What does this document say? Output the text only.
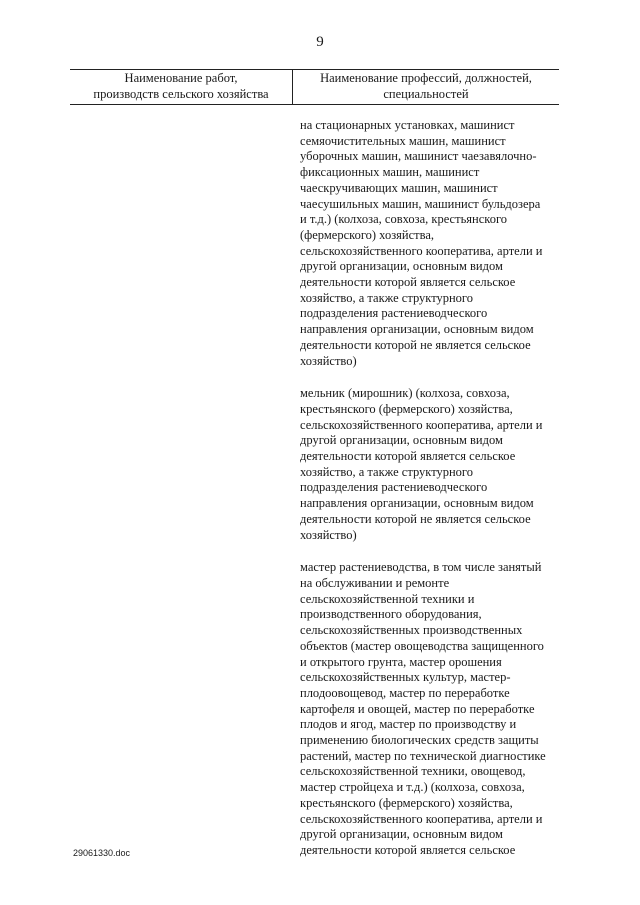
9
Наименование работ,
производств сельского хозяйства
Наименование профессий, должностей,
специальностей
на стационарных установках, машинист
семяочистительных машин, машинист
уборочных машин, машинист чаезавялочно-
фиксационных машин, машинист
чаескручивающих машин, машинист
чаесушильных машин, машинист бульдозера
и т.д.) (колхоза, совхоза, крестьянского
(фермерского) хозяйства,
сельскохозяйственного кооператива, артели и
другой организации, основным видом
деятельности которой является сельское
хозяйство, а также структурного
подразделения растениеводческого
направления организации, основным видом
деятельности которой не является сельское
хозяйство)
мельник (мирошник) (колхоза, совхоза,
крестьянского (фермерского) хозяйства,
сельскохозяйственного кооператива, артели и
другой организации, основным видом
деятельности которой является сельское
хозяйство, а также структурного
подразделения растениеводческого
направления организации, основным видом
деятельности которой не является сельское
хозяйство)
мастер растениеводства, в том числе занятый
на обслуживании и ремонте
сельскохозяйственной техники и
производственного оборудования,
сельскохозяйственных производственных
объектов (мастер овощеводства защищенного
и открытого грунта, мастер орошения
сельскохозяйственных культур, мастер-
плодоовощевод, мастер по переработке
картофеля и овощей, мастер по переработке
плодов и ягод, мастер по производству и
применению биологических средств защиты
растений, мастер по технической диагностике
сельскохозяйственной техники, овощевод,
мастер стройцеха и т.д.) (колхоза, совхоза,
крестьянского (фермерского) хозяйства,
сельскохозяйственного кооператива, артели и
другой организации, основным видом
деятельности которой является сельское
29061330.doc
